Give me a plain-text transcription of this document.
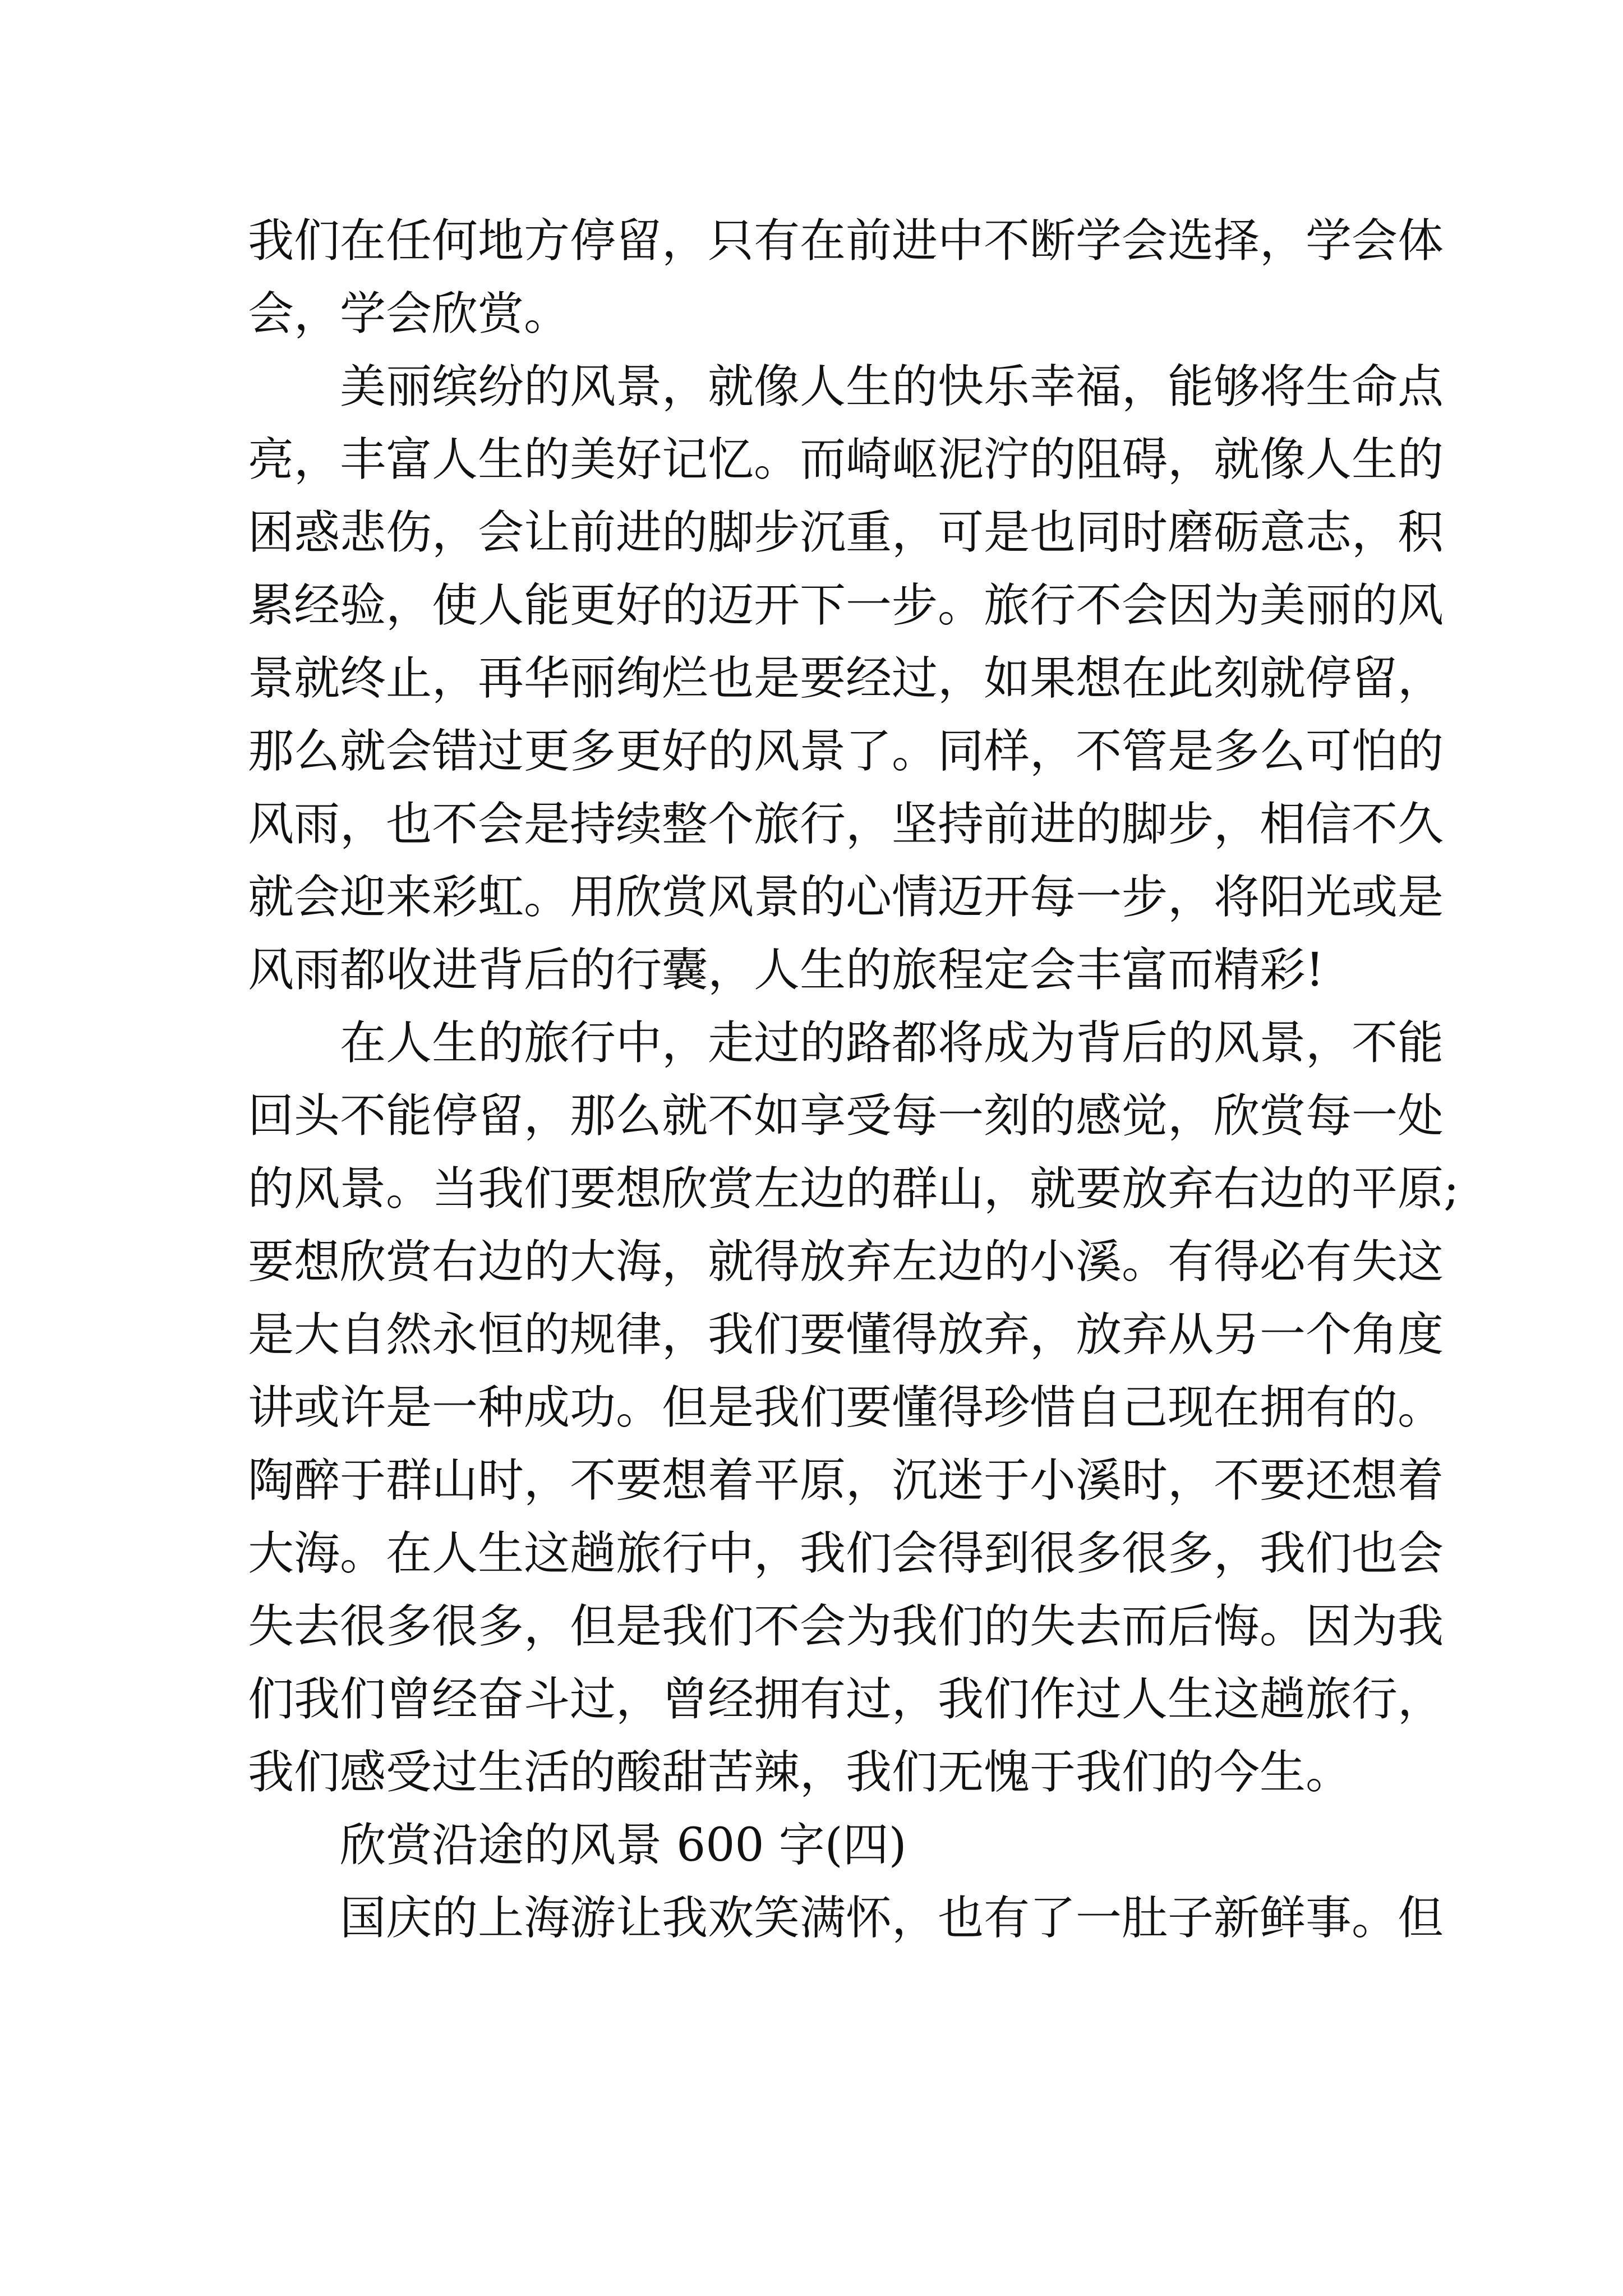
我们在任何地方停留，只有在前进中不断学会选择，学会体
会，学会欣赏。
美丽缤纷的风景，就像人生的快乐幸福，能够将生命点
亮，丰富人生的美好记忆。而崎岖泥泞的阻碍，就像人生的
困惑悲伤，会让前进的脚步沉重，可是也同时磨砺意志，积
累经验，使人能更好的迈开下一步。旅行不会因为美丽的风
景就终止，再华丽绚烂也是要经过，如果想在此刻就停留，
那么就会错过更多更好的风景了。同样，不管是多么可怕的
风雨，也不会是持续整个旅行，坚持前进的脚步，相信不久
就会迎来彩虹。用欣赏风景的心情迈开每一步，将阳光或是
风雨都收进背后的行囊，人生的旅程定会丰富而精彩!
在人生的旅行中，走过的路都将成为背后的风景，不能
回头不能停留，那么就不如享受每一刻的感觉，欣赏每一处
的风景。当我们要想欣赏左边的群山，就要放弃右边的平原;
要想欣赏右边的大海，就得放弃左边的小溪。有得必有失这
是大自然永恒的规律，我们要懂得放弃，放弃从另一个角度
讲或许是一种成功。但是我们要懂得珍惜自己现在拥有的。
陶醉于群山时，不要想着平原，沉迷于小溪时，不要还想着
大海。在人生这趟旅行中，我们会得到很多很多，我们也会
失去很多很多，但是我们不会为我们的失去而后悔。因为我
们我们曾经奋斗过，曾经拥有过，我们作过人生这趟旅行，
我们感受过生活的酸甜苦辣，我们无愧于我们的今生。
欣赏沿途的风景 600 字(四)
国庆的上海游让我欢笑满怀，也有了一肚子新鲜事。但
